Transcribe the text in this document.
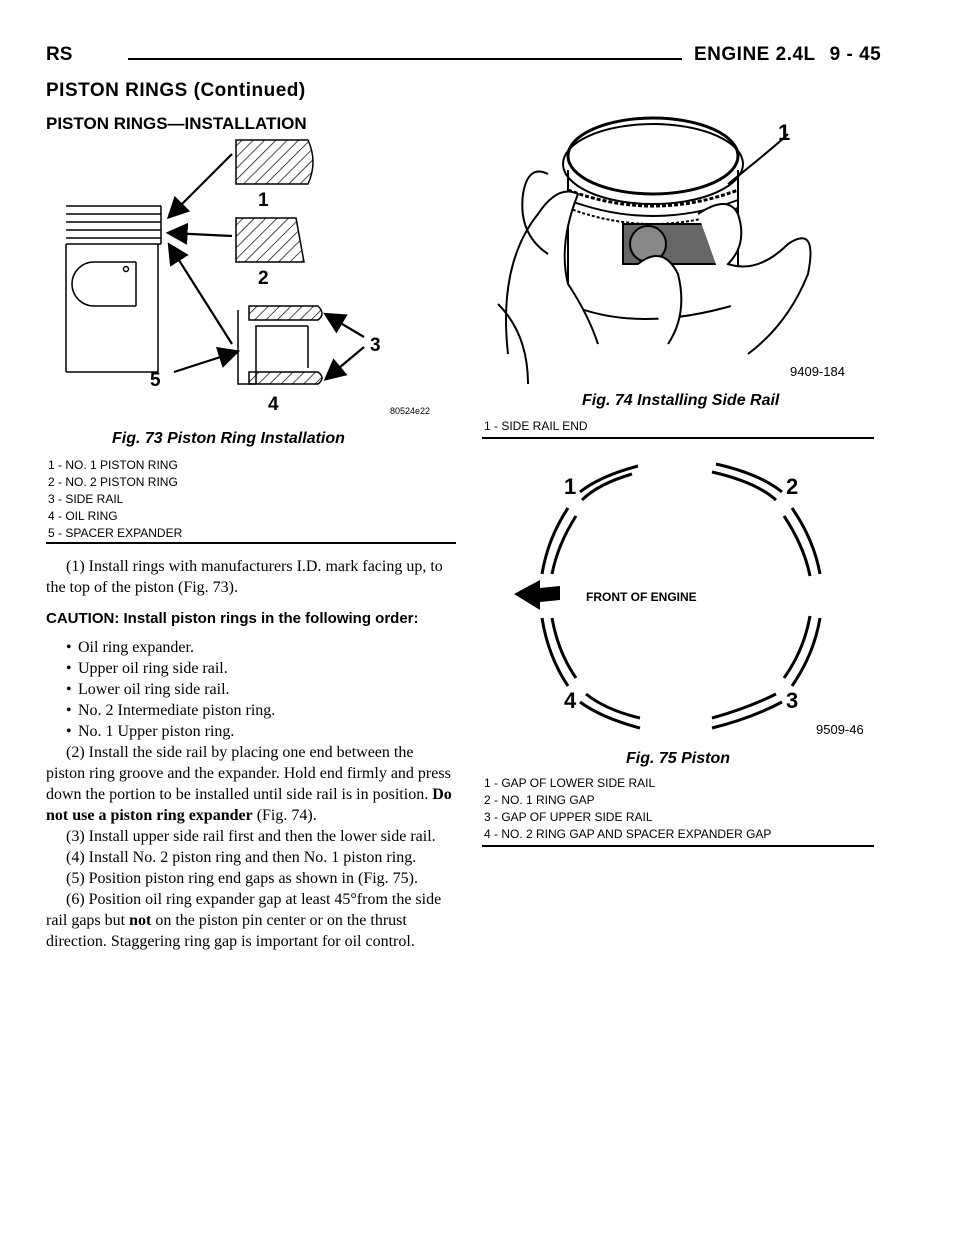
RS	ENGINE 2.4L 9 - 45
PISTON RINGS (Continued)
PISTON RINGS—INSTALLATION
1
2
3
4
5
80524e22
Fig. 73 Piston Ring Installation
1 - NO. 1 PISTON RING
2 - NO. 2 PISTON RING
3 - SIDE RAIL
4 - OIL RING
5 - SPACER EXPANDER

(1) Install rings with manufacturers I.D. mark facing up, to the top of the piston (Fig. 73).

CAUTION: Install piston rings in the following order:

• Oil ring expander.
• Upper oil ring side rail.
• Lower oil ring side rail.
• No. 2 Intermediate piston ring.
• No. 1 Upper piston ring.

(2) Install the side rail by placing one end between the piston ring groove and the expander. Hold end firmly and press down the portion to be installed until side rail is in position. Do not use a piston ring expander (Fig. 74).

(3) Install upper side rail first and then the lower side rail.

(4) Install No. 2 piston ring and then No. 1 piston ring.

(5) Position piston ring end gaps as shown in (Fig. 75).

(6) Position oil ring expander gap at least 45°from the side rail gaps but not on the piston pin center or on the thrust direction. Staggering ring gap is important for oil control.

1
9409-184
Fig. 74 Installing Side Rail
1 - SIDE RAIL END
FRONT OF ENGINE
1	2
3
4
9509-46
Fig. 75 Piston
1 - GAP OF LOWER SIDE RAIL
2 - NO. 1 RING GAP
3 - GAP OF UPPER SIDE RAIL
4 - NO. 2 RING GAP AND SPACER EXPANDER GAP
